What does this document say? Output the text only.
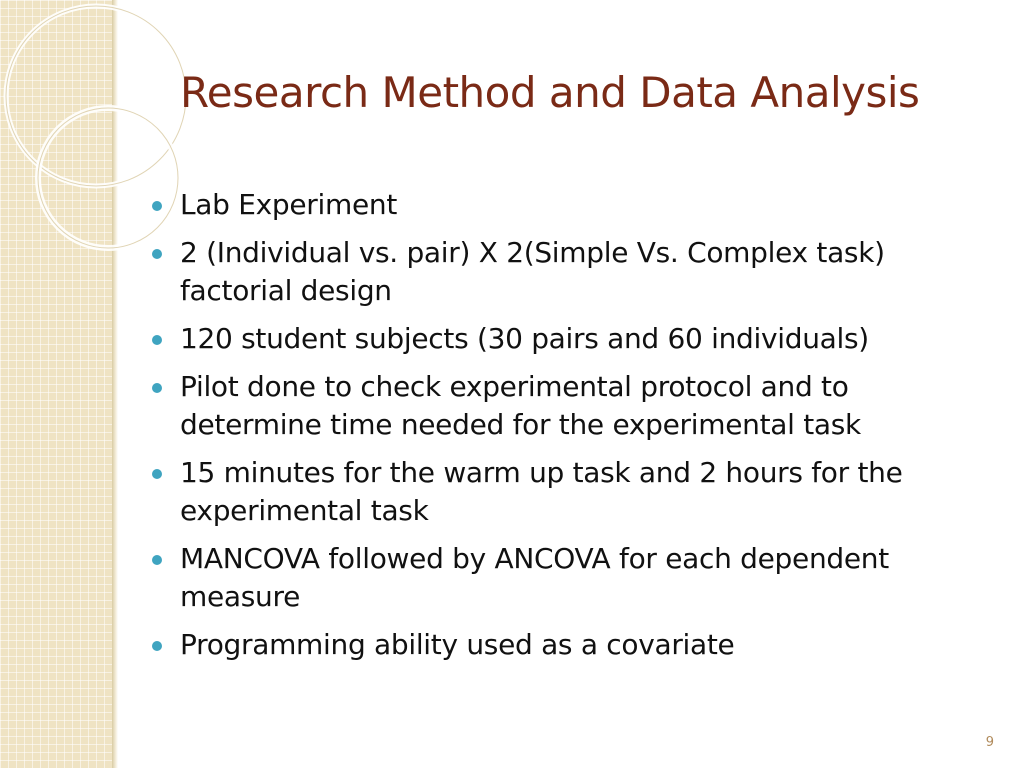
Research Method and Data Analysis
Lab Experiment
2 (Individual vs. pair) X 2(Simple Vs. Complex task) factorial design
120 student subjects (30 pairs and 60 individuals)
Pilot done to check experimental protocol and to determine time needed for the experimental task
15 minutes for the warm up task and 2 hours for the experimental task
MANCOVA followed by ANCOVA for each dependent measure
Programming ability used as a covariate
9
